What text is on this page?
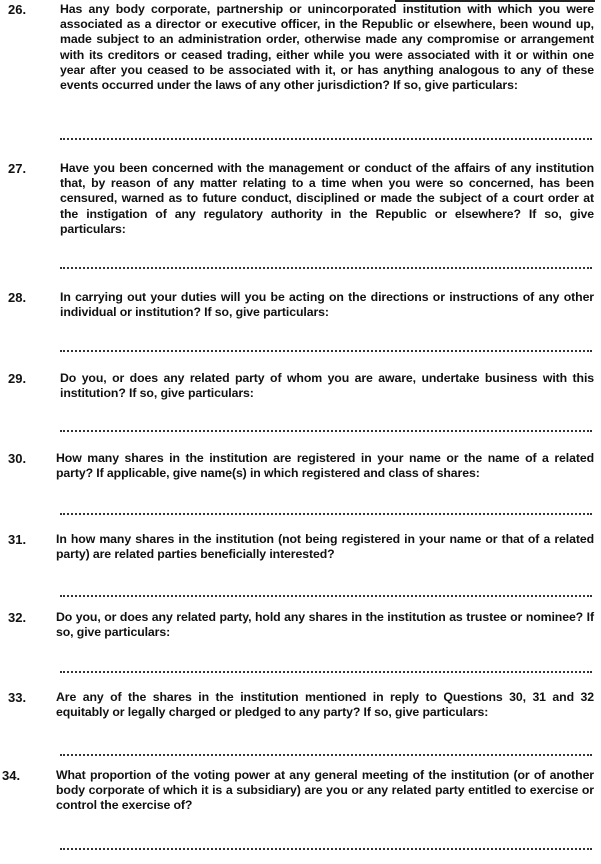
26.	Has any body corporate, partnership or unincorporated institution with which you were associated as a director or executive officer, in the Republic or elsewhere, been wound up, made subject to an administration order, otherwise made any compromise or arrangement with its creditors or ceased trading, either while you were associated with it or within one year after you ceased to be associated with it, or has anything analogous to any of these events occurred under the laws of any other jurisdiction? If so, give particulars:
27.	Have you been concerned with the management or conduct of the affairs of any institution that, by reason of any matter relating to a time when you were so concerned, has been censured, warned as to future conduct, disciplined or made the subject of a court order at the instigation of any regulatory authority in the Republic or elsewhere? If so, give particulars:
28.	In carrying out your duties will you be acting on the directions or instructions of any other individual or institution? If so, give particulars:
29.	Do you, or does any related party of whom you are aware, undertake business with this institution? If so, give particulars:
30. How many shares in the institution are registered in your name or the name of a related party? If applicable, give name(s) in which registered and class of shares:
31. In how many shares in the institution (not being registered in your name or that of a related party) are related parties beneficially interested?
32. Do you, or does any related party, hold any shares in the institution as trustee or nominee? If so, give particulars:
33. Are any of the shares in the institution mentioned in reply to Questions 30, 31 and 32 equitably or legally charged or pledged to any party? If so, give particulars:
34.	What proportion of the voting power at any general meeting of the institution (or of another body corporate of which it is a subsidiary) are you or any related party entitled to exercise or control the exercise of?
